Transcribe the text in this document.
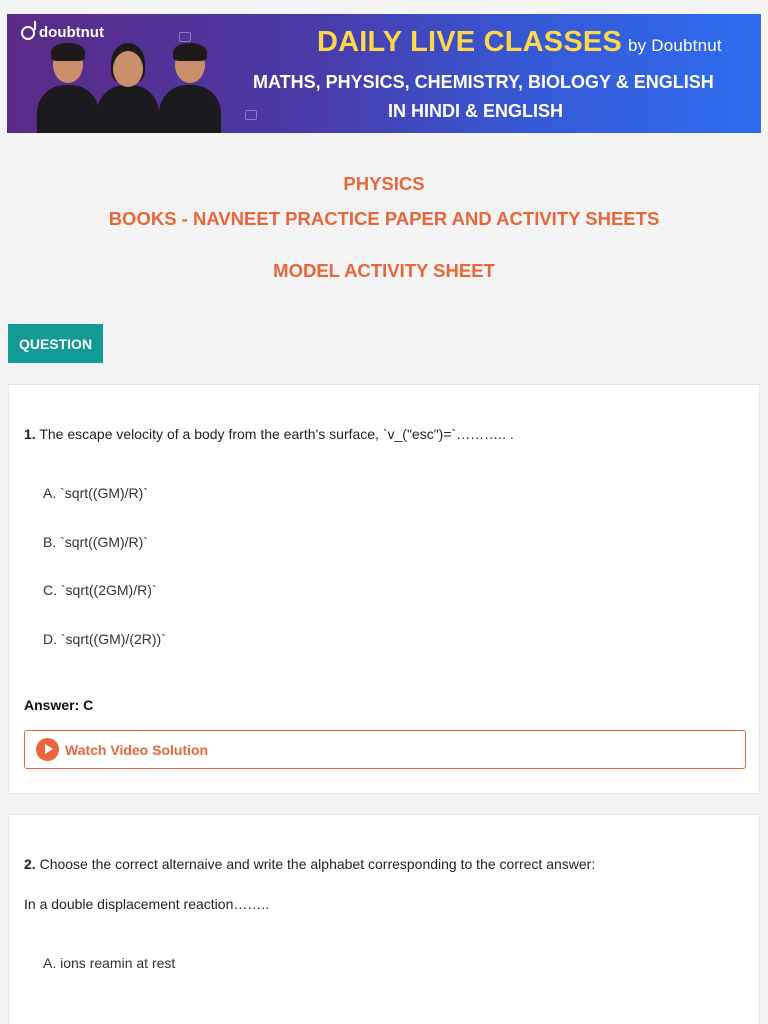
doubtnut	DAILY LIVE CLASSES by Doubtnut
MATHS, PHYSICS, CHEMISTRY, BIOLOGY & ENGLISH
IN HINDI & ENGLISH
`
PHYSICS
BOOKS - NAVNEET PRACTICE PAPER AND ACTIVITY SHEETS
MODEL ACTIVITY SHEET
QUESTION
1. The escape velocity of a body from the earth's surface, `v_("esc")=`……….. .
A. `sqrt((GM)/R)`
B. `sqrt((GM)/R)`
C. `sqrt((2GM)/R)`
D. `sqrt((GM)/(2R))`
Answer: C
Watch Video Solution
2. Choose the correct alternaive and write the alphabet corresponding to the correct answer:
In a double displacement reaction……..
A. ions reamin at rest
